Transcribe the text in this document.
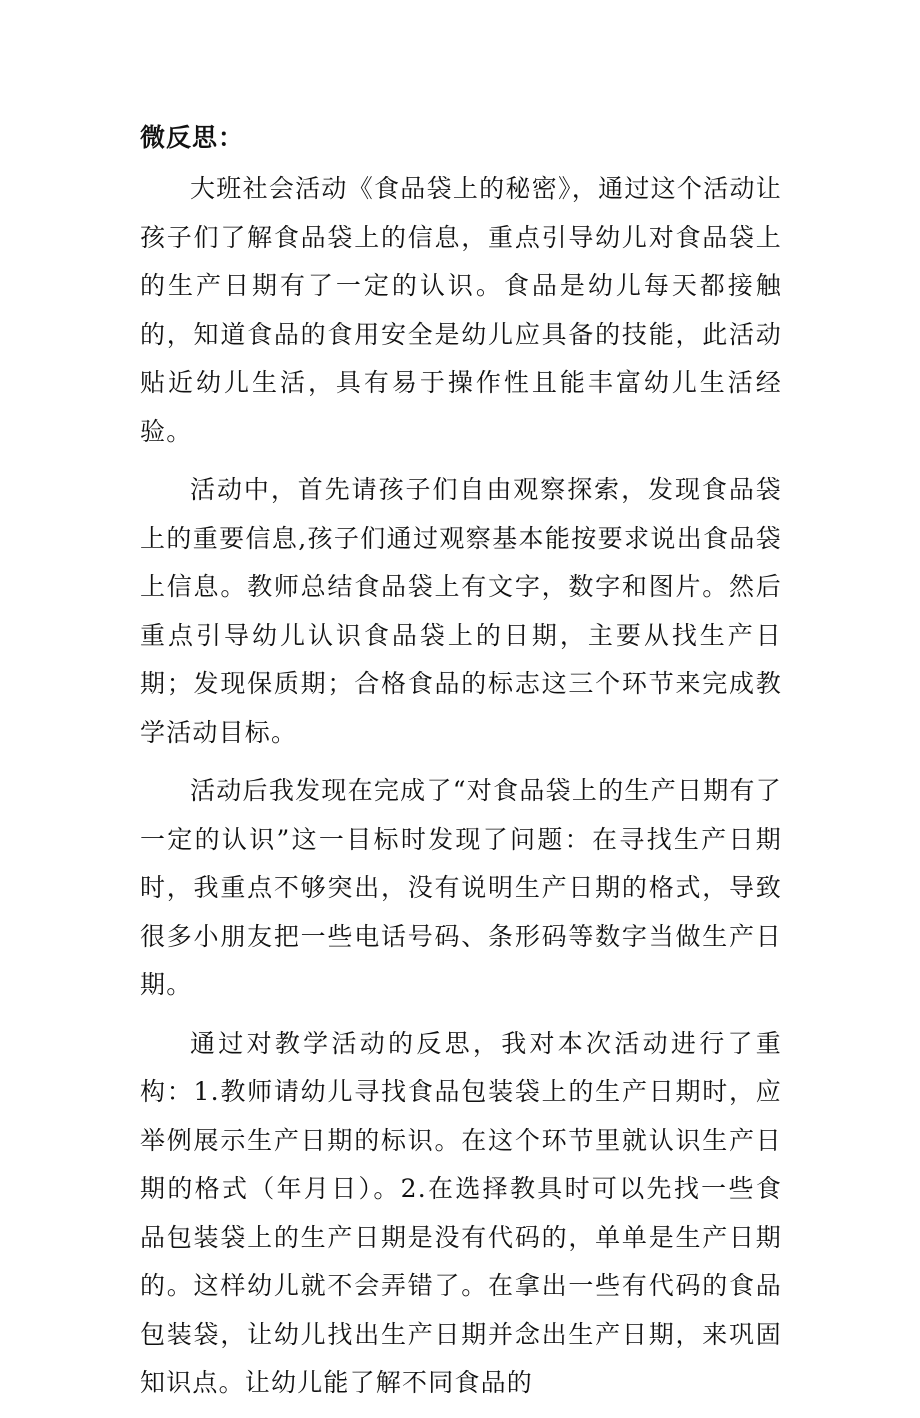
微反思：

大班社会活动《食品袋上的秘密》，通过这个活动让孩子们了解食品袋上的信息，重点引导幼儿对食品袋上的生产日期有了一定的认识。食品是幼儿每天都接触的，知道食品的食用安全是幼儿应具备的技能，此活动贴近幼儿生活，具有易于操作性且能丰富幼儿生活经验。

活动中，首先请孩子们自由观察探索，发现食品袋上的重要信息,孩子们通过观察基本能按要求说出食品袋上信息。教师总结食品袋上有文字，数字和图片。然后重点引导幼儿认识食品袋上的日期，主要从找生产日期；发现保质期；合格食品的标志这三个环节来完成教学活动目标。

活动后我发现在完成了“对食品袋上的生产日期有了一定的认识”这一目标时发现了问题：在寻找生产日期时，我重点不够突出，没有说明生产日期的格式，导致很多小朋友把一些电话号码、条形码等数字当做生产日期。

通过对教学活动的反思，我对本次活动进行了重构：1.教师请幼儿寻找食品包装袋上的生产日期时，应举例展示生产日期的标识。在这个环节里就认识生产日期的格式（年月日）。2.在选择教具时可以先找一些食品包装袋上的生产日期是没有代码的，单单是生产日期的。这样幼儿就不会弄错了。在拿出一些有代码的食品包装袋，让幼儿找出生产日期并念出生产日期，来巩固知识点。让幼儿能了解不同食品的
